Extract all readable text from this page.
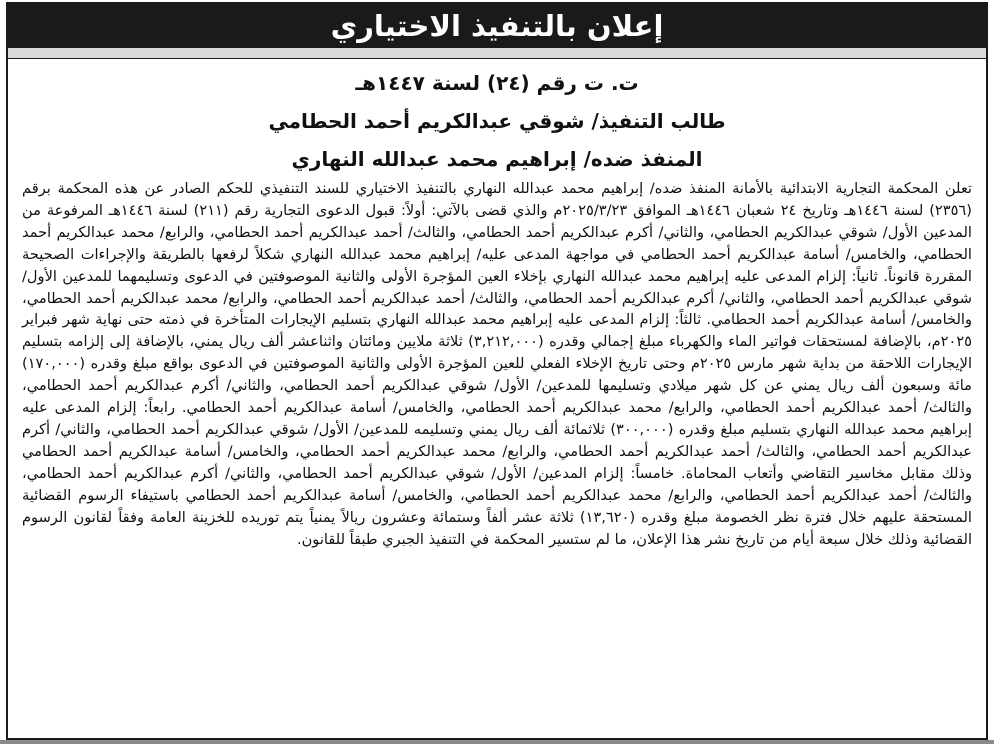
إعلان بالتنفيذ الاختياري
ت. ت رقم (٢٤) لسنة ١٤٤٧هـ
طالب التنفيذ/ شوقي عبدالكريم أحمد الحطامي
المنفذ ضده/ إبراهيم محمد عبدالله النهاري

تعلن المحكمة التجارية الابتدائية بالأمانة المنفذ ضده/ إبراهيم محمد عبدالله النهاري بالتنفيذ الاختياري للسند التنفيذي للحكم الصادر عن هذه المحكمة برقم (٢٣٥٦) لسنة ١٤٤٦هـ وتاريخ ٢٤ شعبان ١٤٤٦هـ الموافق ٢٠٢٥/٣/٢٣م والذي قضى بالآتي: أولاً: قبول الدعوى التجارية رقم (٢١١) لسنة ١٤٤٦هـ المرفوعة من المدعين الأول/ شوقي عبدالكريم الحطامي، والثاني/ أكرم عبدالكريم أحمد الحطامي، والثالث/ أحمد عبدالكريم أحمد الحطامي، والرابع/ محمد عبدالكريم أحمد الحطامي، والخامس/ أسامة عبدالكريم أحمد الحطامي في مواجهة المدعى عليه/ إبراهيم محمد عبدالله النهاري شكلاً لرفعها بالطريقة والإجراءات الصحيحة المقررة قانوناً. ثانياً: إلزام المدعى عليه إبراهيم محمد عبدالله النهاري بإخلاء العين المؤجرة الأولى والثانية الموصوفتين في الدعوى وتسليمهما للمدعين الأول/ شوقي عبدالكريم أحمد الحطامي، والثاني/ أكرم عبدالكريم أحمد الحطامي، والثالث/ أحمد عبدالكريم أحمد الحطامي، والرابع/ محمد عبدالكريم أحمد الحطامي، والخامس/ أسامة عبدالكريم أحمد الحطامي. ثالثاً: إلزام المدعى عليه إبراهيم محمد عبدالله النهاري بتسليم الإيجارات المتأخرة في ذمته حتى نهاية شهر فبراير ٢٠٢٥م، بالإضافة لمستحقات فواتير الماء والكهرباء مبلغ إجمالي وقدره (٣,٢١٢,٠٠٠) ثلاثة ملايين ومائتان واثناعشر ألف ريال يمني، بالإضافة إلى إلزامه بتسليم الإيجارات اللاحقة من بداية شهر مارس ٢٠٢٥م وحتى تاريخ الإخلاء الفعلي للعين المؤجرة الأولى والثانية الموصوفتين في الدعوى بواقع مبلغ وقدره (١٧٠,٠٠٠) مائة وسبعون ألف ريال يمني عن كل شهر ميلادي وتسليمها للمدعين/ الأول/ شوقي عبدالكريم أحمد الحطامي، والثاني/ أكرم عبدالكريم أحمد الحطامي، والثالث/ أحمد عبدالكريم أحمد الحطامي، والرابع/ محمد عبدالكريم أحمد الحطامي، والخامس/ أسامة عبدالكريم أحمد الحطامي. رابعاً: إلزام المدعى عليه إبراهيم محمد عبدالله النهاري بتسليم مبلغ وقدره (٣٠٠,٠٠٠) ثلاثمائة ألف ريال يمني وتسليمه للمدعين/ الأول/ شوقي عبدالكريم أحمد الحطامي، والثاني/ أكرم عبدالكريم أحمد الحطامي، والثالث/ أحمد عبدالكريم أحمد الحطامي، والرابع/ محمد عبدالكريم أحمد الحطامي، والخامس/ أسامة عبدالكريم أحمد الحطامي وذلك مقابل مخاسير التقاضي وأتعاب المحاماة. خامساً: إلزام المدعين/ الأول/ شوقي عبدالكريم أحمد الحطامي، والثاني/ أكرم عبدالكريم أحمد الحطامي، والثالث/ أحمد عبدالكريم أحمد الحطامي، والرابع/ محمد عبدالكريم أحمد الحطامي، والخامس/ أسامة عبدالكريم أحمد الحطامي باستيفاء الرسوم القضائية المستحقة عليهم خلال فترة نظر الخصومة مبلغ وقدره (١٣,٦٢٠) ثلاثة عشر ألفاً وستمائة وعشرون ريالاً يمنياً يتم توريده للخزينة العامة وفقاً لقانون الرسوم القضائية وذلك خلال سبعة أيام من تاريخ نشر هذا الإعلان، ما لم ستسير المحكمة في التنفيذ الجبري طبقاً للقانون.
